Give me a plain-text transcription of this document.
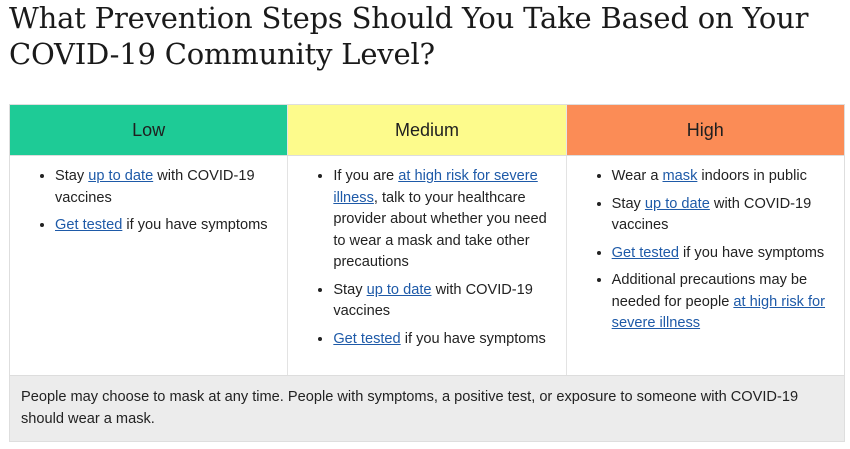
What Prevention Steps Should You Take Based on Your COVID-19 Community Level?
Low	Medium	High
• Stay up to date with COVID-19 vaccines
• Get tested if you have symptoms
• If you are at high risk for severe illness, talk to your healthcare provider about whether you need to wear a mask and take other precautions
• Stay up to date with COVID-19 vaccines
• Get tested if you have symptoms
• Wear a mask indoors in public
• Stay up to date with COVID-19 vaccines
• Get tested if you have symptoms
• Additional precautions may be needed for people at high risk for severe illness
People may choose to mask at any time. People with symptoms, a positive test, or exposure to someone with COVID-19 should wear a mask.
